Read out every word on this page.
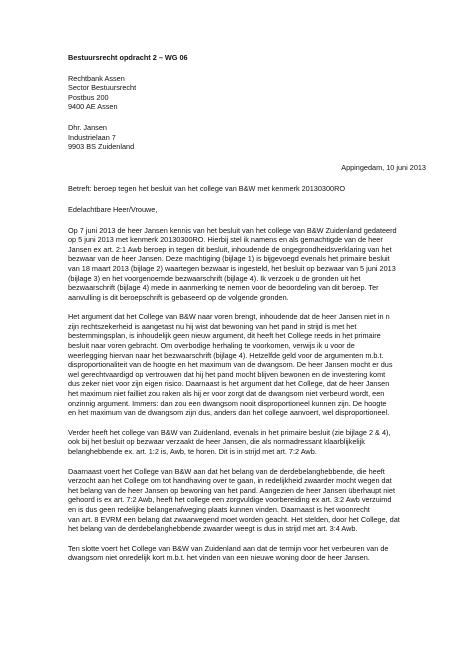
Bestuursrecht opdracht 2 – WG 06
Rechtbank Assen
Sector Bestuursrecht
Postbus 200
9400 AE Assen
Dhr. Jansen
Industrielaan 7
9903 BS Zuidenland
Appingedam, 10 juni 2013
Betreft: beroep tegen het besluit van het college van B&W met kenmerk 20130300RO
Edelachtbare Heer/Vrouwe,
Op 7 juni 2013 de heer Jansen kennis van het besluit van het college van B&W Zuidenland gedateerd
op 5 juni 2013 met kenmerk 20130300RO. Hierbij stel ik namens en als gemachtigde van de heer
Jansen ex art. 2:1 Awb beroep in tegen dit besluit, inhoudende de ongegrondheidsverklaring van het
bezwaar van de heer Jansen. Deze machtiging (bijlage 1) is bijgevoegd evenals het primaire besluit
van 18 maart 2013 (bijlage 2) waartegen bezwaar is ingesteld, het besluit op bezwaar van 5 juni 2013
(bijlage 3) en het voorgenoemde bezwaarschrift (bijlage 4). Ik verzoek u de gronden uit het
bezwaarschrift (bijlage 4) mede in aanmerking te nemen voor de beoordeling van dit beroep. Ter
aanvulling is dit beroepschrift is gebaseerd op de volgende gronden.
Het argument dat het College van B&W naar voren brengt, inhoudende dat de heer Jansen niet in n
zijn rechtszekerheid is aangetast nu hij wist dat bewoning van het pand in strijd is met het
bestemmingsplan, is inhoudelijk geen nieuw argument, dit heeft het College reeds in het primaire
besluit naar voren gebracht. Om overbodige herhaling te voorkomen, verwijs ik u voor de
weerlegging hiervan naar het bezwaarschrift (bijlage 4). Hetzelfde geld voor de argumenten m.b.t.
disproportionaliteit van de hoogte en het maximum van de dwangsom. De heer Jansen mocht er dus
wel gerechtvaardigd op vertrouwen dat hij het pand mocht blijven bewonen en de investering komt
dus zeker niet voor zijn eigen risico. Daarnaast is het argument dat het College, dat de heer Jansen
het maximum niet failliet zou raken als hij er voor zorgt dat de dwangsom niet verbeurd wordt, een
onzinnig argument. Immers: dan zou een dwangsom nooit disproportioneel kunnen zijn. De hoogte
en het maximum van de dwangsom zijn dus, anders dan het college aanvoert, wel disproportioneel.
Verder heeft het college van B&W van Zuidenland, evenals in het primaire besluit (zie bijlage 2 & 4),
ook bij het besluit op bezwaar verzaakt de heer Jansen, die als normadressant klaarblijkelijk
belanghebbende ex. art. 1:2 is, Awb, te horen. Dit is in strijd met art. 7:2 Awb.
Daarnaast voert het College van B&W aan dat het belang van de derdebelanghebbende, die heeft
verzocht aan het College om tot handhaving over te gaan, in redelijkheid zwaarder mocht wegen dat
het belang van de heer Jansen op bewoning van het pand. Aangezien de heer Jansen überhaupt niet
gehoord is ex art. 7:2 Awb, heeft het college een zorgvuldige voorbereiding ex art. 3:2 Awb verzuimd
en is dus geen redelijke belangenafweging plaats kunnen vinden. Daarnaast is het woonrecht
van art. 8 EVRM een belang dat zwaarwegend moet worden geacht. Het stelden, door het College, dat
het belang van de derdebelanghebbende zwaarder weegt is dus in strijd met art. 3:4 Awb.
Ten slotte voert het College van B&W van Zuidenland aan dat de termijn voor het verbeuren van de
dwangsom niet onredelijk kort m.b.t. het vinden van een nieuwe woning door de heer Jansen.
